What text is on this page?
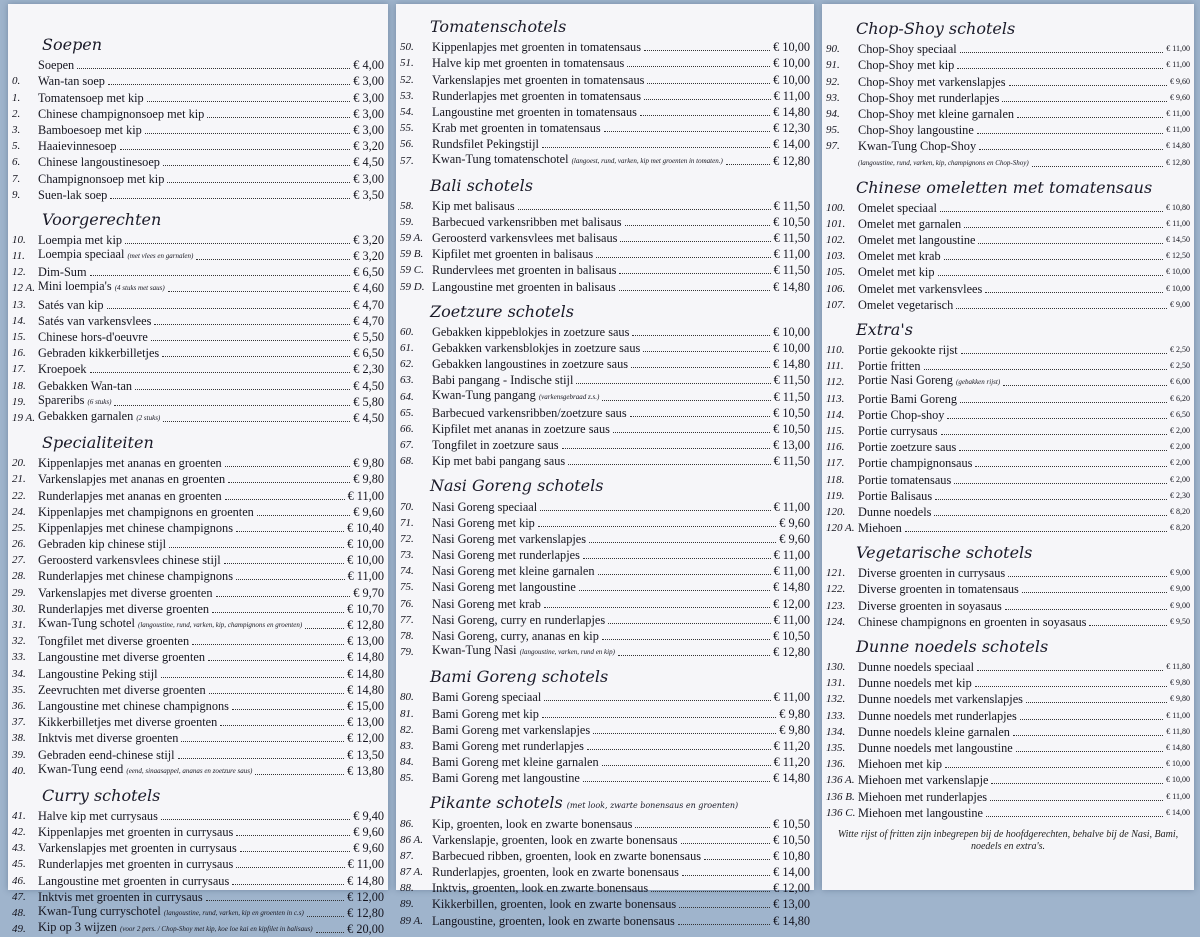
Soepen
Soepen	€ 4,00
0.	Wan-tan soep	€ 3,00
1.	Tomatensoep met kip	€ 3,00
2.	Chinese champignonsoep met kip	€ 3,00
3.	Bamboesoep met kip	€ 3,00
5.	Haaievinnesoep	€ 3,20
6.	Chinese langoustinesoep	€ 4,50
7.	Champignonsoep met kip	€ 3,00
9.	Suen-lak soep	€ 3,50
Voorgerechten
10. Loempia met kip	€ 3,20
11.	Loempia speciaal (met vlees en garnalen)	€ 3,20
12. Dim-Sum	€ 6,50
12 A. Mini loempia's (4 stuks met saus)	€ 4,60
13. Satés van kip	€ 4,70
14. Satés van varkensvlees	€ 4,70
15. Chinese hors-d'oeuvre	€ 5,50
16. Gebraden kikkerbilletjes	€ 6,50
17. Kroepoek	€ 2,30
18. Gebakken Wan-tan	€ 4,50
19. Spareribs (6 stuks)	€ 5,80
19 A. Gebakken garnalen (2 stuks)	€ 4,50
Specialiteiten
20. Kippenlapjes met ananas en groenten	€ 9,80
21. Varkenslapjes met ananas en groenten	€ 9,80
22. Runderlapjes met ananas en groenten	€ 11,00
24. Kippenlapjes met champignons en groenten	€ 9,60
25. Kippenlapjes met chinese champignons	€ 10,40
26. Gebraden kip chinese stijl	€ 10,00
27. Geroosterd varkensvlees chinese stijl	€ 10,00
28. Runderlapjes met chinese champignons	€ 11,00
29. Varkenslapjes met diverse groenten	€ 9,70
30. Runderlapjes met diverse groenten	€ 10,70
31. Kwan-Tung schotel (langoustine, rund, varken, kip, champignons en groenten)	€ 12,80
32. Tongfilet met diverse groenten	€ 13,00
33. Langoustine met diverse groenten	€ 14,80
34. Langoustine Peking stijl	€ 14,80
35. Zeevruchten met diverse groenten	€ 14,80
36. Langoustine met chinese champignons	€ 15,00
37. Kikkerbilletjes met diverse groenten	€ 13,00
38. Inktvis met diverse groenten	€ 12,00
39. Gebraden eend-chinese stijl	€ 13,50
40. Kwan-Tung eend (eend, sinaasappel, ananas en zoetzure saus)	€ 13,80
Curry schotels
41. Halve kip met currysaus	€ 9,40
42. Kippenlapjes met groenten in currysaus	€ 9,60
43. Varkenslapjes met groenten in currysaus	€ 9,60
45. Runderlapjes met groenten in currysaus	€ 11,00
46. Langoustine met groenten in currysaus	€ 14,80
47. Inktvis met groenten in currysaus	€ 12,00
48. Kwan-Tung curryschotel (langoustine, rund, varken, kip en groenten in c.s)	€ 12,80
49. Kip op 3 wijzen (voor 2 pers. / Chop-Shoy met kip, koe loe kai en kipfilet in balisaus)	€ 20,00
Tomatenschotels
50.	Kippenlapjes met groenten in tomatensaus	€ 10,00
51.	Halve kip met groenten in tomatensaus	€ 10,00
52.	Varkenslapjes met groenten in tomatensaus	€ 10,00
53.	Runderlapjes met groenten in tomatensaus	€ 11,00
54.	Langoustine met groenten in tomatensaus	€ 14,80
55.	Krab met groenten in tomatensaus	€ 12,30
56.	Rundsfilet Pekingstijl	€ 14,00
57.	Kwan-Tung tomatenschotel (langoest, rund, varken, kip met groenten in tomaten.)	€ 12,80
Bali schotels
58.	Kip met balisaus	€ 11,50
59.	Barbecued varkensribben met balisaus	€ 10,50
59 A. Geroosterd varkensvlees met balisaus	€ 11,50
59 B. Kipfilet met groenten in balisaus	€ 11,00
59 C. Rundervlees met groenten in balisaus	€ 11,50
59 D. Langoustine met groenten in balisaus	€ 14,80
Zoetzure schotels
60.	Gebakken kippeblokjes in zoetzure saus	€ 10,00
61.	Gebakken varkensblokjes in zoetzure saus	€ 10,00
62.	Gebakken langoustines in zoetzure saus	€ 14,80
63.	Babi pangang - Indische stijl	€ 11,50
64.	Kwan-Tung pangang (varkensgebraad z.s.)	€ 11,50
65.	Barbecued varkensribben/zoetzure saus	€ 10,50
66.	Kipfilet met ananas in zoetzure saus	€ 10,50
67.	Tongfilet in zoetzure saus	€ 13,00
68.	Kip met babi pangang saus	€ 11,50
Nasi Goreng schotels
70.	Nasi Goreng speciaal	€ 11,00
71.	Nasi Goreng met kip	€ 9,60
72.	Nasi Goreng met varkenslapjes	€ 9,60
73.	Nasi Goreng met runderlapjes	€ 11,00
74.	Nasi Goreng met kleine garnalen	€ 11,00
75.	Nasi Goreng met langoustine	€ 14,80
76.	Nasi Goreng met krab	€ 12,00
77.	Nasi Goreng, curry en runderlapjes	€ 11,00
78.	Nasi Goreng, curry, ananas en kip	€ 10,50
79.	Kwan-Tung Nasi (langoustine, varken, rund en kip)	€ 12,80
Bami Goreng schotels
80.	Bami Goreng speciaal	€ 11,00
81.	Bami Goreng met kip	€ 9,80
82.	Bami Goreng met varkenslapjes	€ 9,80
83.	Bami Goreng met runderlapjes	€ 11,20
84.	Bami Goreng met kleine garnalen	€ 11,20
85.	Bami Goreng met langoustine	€ 14,80
Pikante schotels (met look, zwarte bonensaus en groenten)
86.	Kip, groenten, look en zwarte bonensaus	€ 10,50
86 A. Varkenslapje, groenten, look en zwarte bonensaus	€ 10,50
87.	Barbecued ribben, groenten, look en zwarte bonensaus	€ 10,80
87 A. Runderlapjes, groenten, look en zwarte bonensaus	€ 14,00
88.	Inktvis, groenten, look en zwarte bonensaus	€ 12,00
89.	Kikkerbillen, groenten, look en zwarte bonensaus	€ 13,00
89 A. Langoustine, groenten, look en zwarte bonensaus	€ 14,80
Chop-Shoy schotels
90.	Chop-Shoy speciaal	€ 11,00
91.	Chop-Shoy met kip	€ 11,00
92.	Chop-Shoy met varkenslapjes	€ 9,60
93.	Chop-Shoy met runderlapjes	€ 9,60
94.	Chop-Shoy met kleine garnalen	€ 11,00
95.	Chop-Shoy langoustine	€ 11,00
97.	Kwan-Tung Chop-Shoy	€ 14,80
(langoustine, rund, varken, kip, champignons en Chop-Shoy)	€ 12,80
Chinese omeletten met tomatensaus
100.	Omelet speciaal	€ 10,80
101.	Omelet met garnalen	€ 11,00
102.	Omelet met langoustine	€ 14,50
103.	Omelet met krab	€ 12,50
105.	Omelet met kip	€ 10,00
106.	Omelet met varkensvlees	€ 10,00
107.	Omelet vegetarisch	€ 9,00
Extra's
110.	Portie gekookte rijst	€ 2,50
111.	Portie fritten	€ 2,50
112.	Portie Nasi Goreng (gebakken rijst)	€ 6,00
113.	Portie Bami Goreng	€ 6,20
114.	Portie Chop-shoy	€ 6,50
115.	Portie currysaus	€ 2,00
116.	Portie zoetzure saus	€ 2,00
117.	Portie champignonsaus	€ 2,00
118.	Portie tomatensaus	€ 2,00
119.	Portie Balisaus	€ 2,30
120.	Dunne noedels	€ 8,20
120 A. Miehoen	€ 8,20
Vegetarische schotels
121.	Diverse groenten in currysaus	€ 9,00
122.	Diverse groenten in tomatensaus	€ 9,00
123.	Diverse groenten in soyasaus	€ 9,00
124.	Chinese champignons en groenten in soyasaus	€ 9,50
Dunne noedels schotels
130.	Dunne noedels speciaal	€ 11,80
131.	Dunne noedels met kip	€ 9,80
132.	Dunne noedels met varkenslapjes	€ 9,80
133.	Dunne noedels met runderlapjes	€ 11,00
134.	Dunne noedels kleine garnalen	€ 11,80
135.	Dunne noedels met langoustine	€ 14,80
136.	Miehoen met kip	€ 10,00
136 A. Miehoen met varkenslapje	€ 10,00
136 B. Miehoen met runderlapjes	€ 11,00
136 C. Miehoen met langoustine	€ 14,00
Witte rijst of fritten zijn inbegrepen bij de hoofdgerechten, behalve bij de Nasi, Bami, noedels en extra's.
